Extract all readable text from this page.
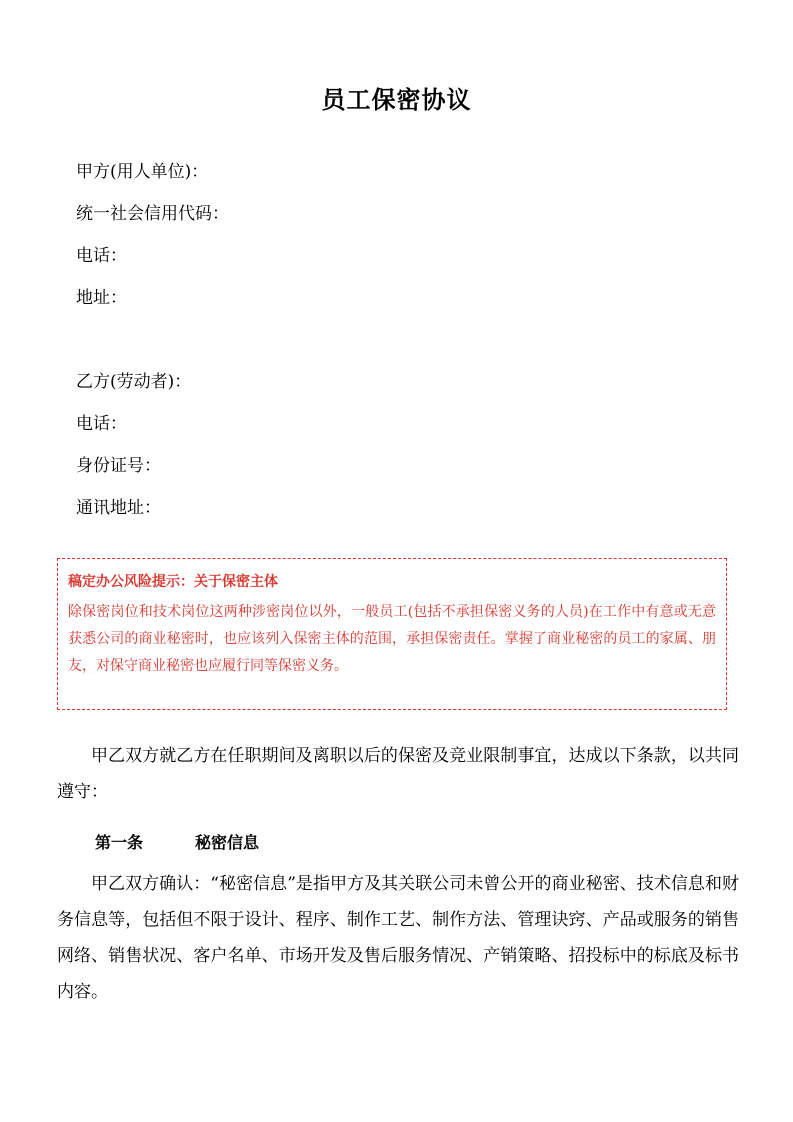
员工保密协议
甲方(用人单位)：
统一社会信用代码：
电话：
地址：
乙方(劳动者)：
电话：
身份证号：
通讯地址：
稿定办公风险提示：关于保密主体
除保密岗位和技术岗位这两种涉密岗位以外，一般员工(包括不承担保密义务的人员)在工作中有意或无意获悉公司的商业秘密时，也应该列入保密主体的范围，承担保密责任。掌握了商业秘密的员工的家属、朋友，对保守商业秘密也应履行同等保密义务。
甲乙双方就乙方在任职期间及离职以后的保密及竞业限制事宜，达成以下条款，以共同遵守：
第一条	秘密信息
甲乙双方确认：“秘密信息”是指甲方及其关联公司未曾公开的商业秘密、技术信息和财务信息等，包括但不限于设计、程序、制作工艺、制作方法、管理诀窍、产品或服务的销售网络、销售状况、客户名单、市场开发及售后服务情况、产销策略、招投标中的标底及标书内容。
